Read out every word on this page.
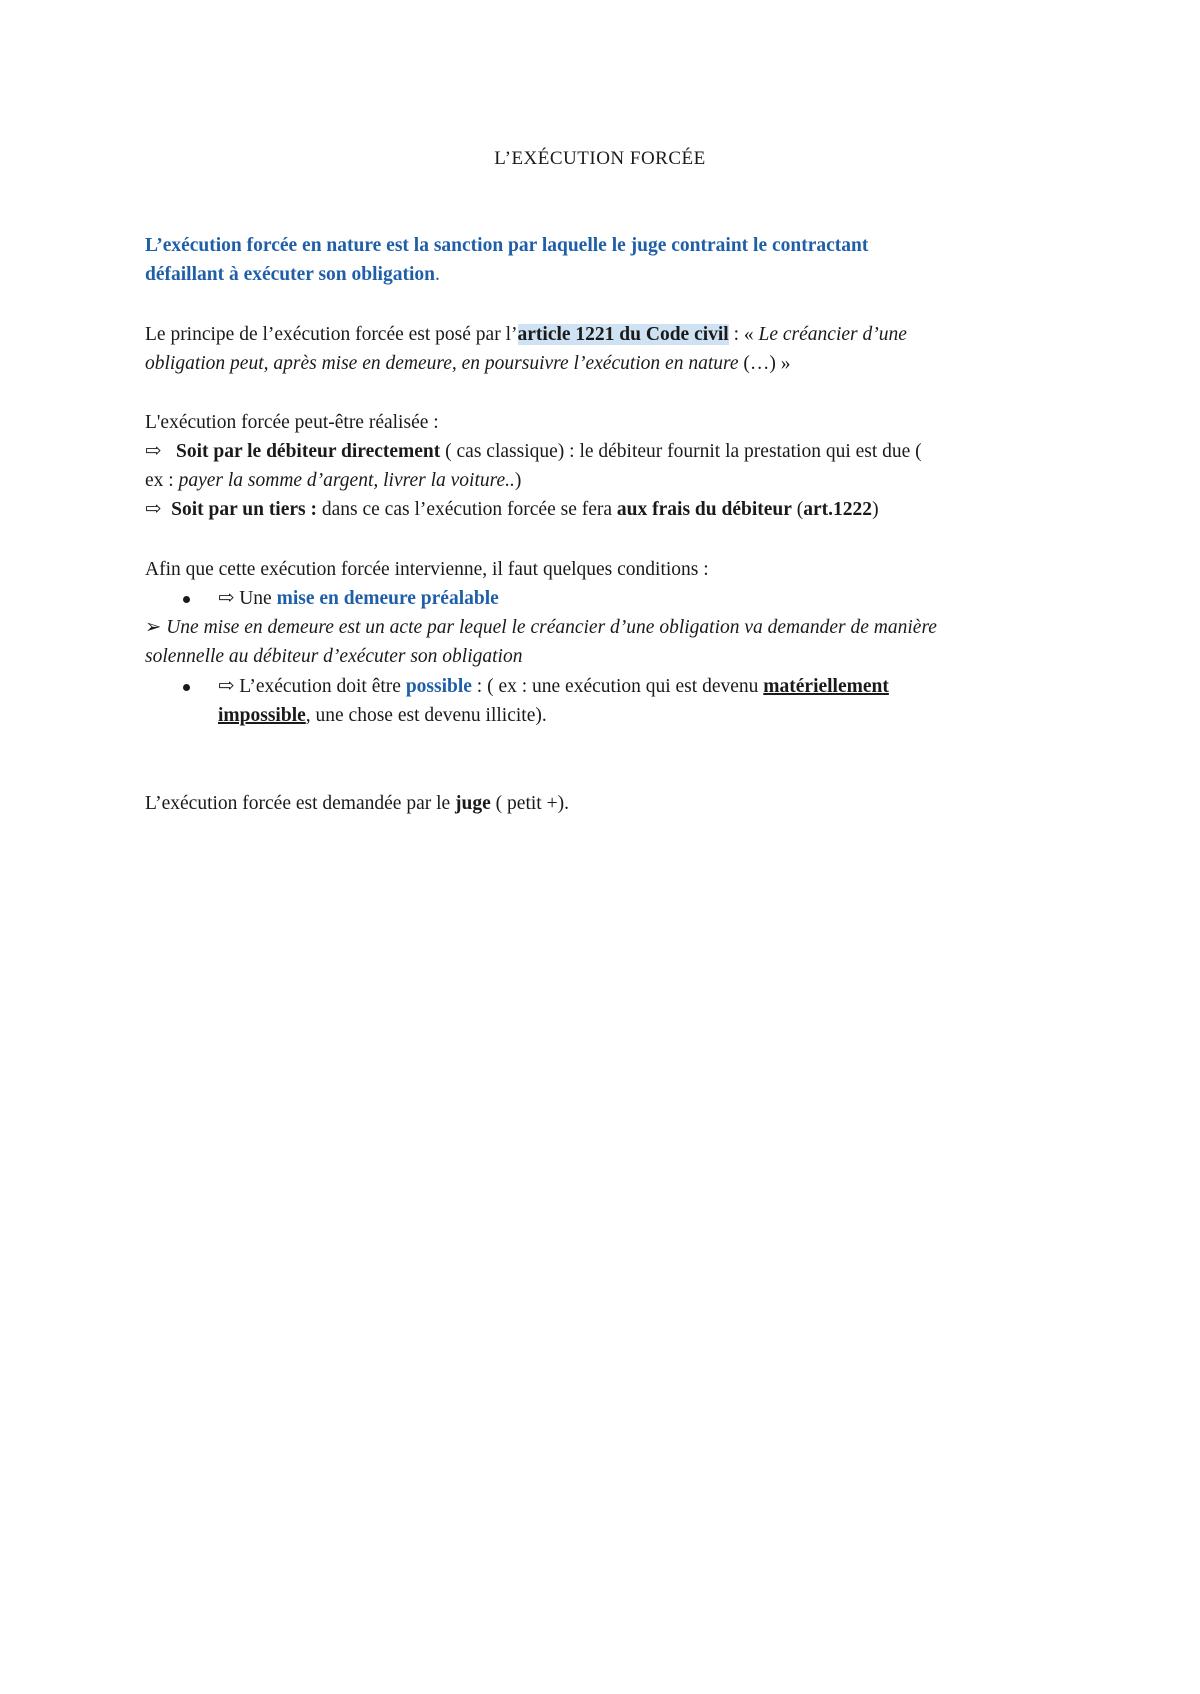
L’EXÉCUTION FORCÉE
L’exécution forcée en nature est la sanction par laquelle le juge contraint le contractant
défaillant à exécuter son obligation.
Le principe de l’exécution forcée est posé par l’article 1221 du Code civil : « Le créancier d’une
obligation peut, après mise en demeure, en poursuivre l’exécution en nature (…) »
L'exécution forcée peut-être réalisée :
⇨ Soit par le débiteur directement ( cas classique) : le débiteur fournit la prestation qui est due (
ex : payer la somme d’argent, livrer la voiture..)
⇨ Soit par un tiers : dans ce cas l’exécution forcée se fera aux frais du débiteur (art.1222)
Afin que cette exécution forcée intervienne, il faut quelques conditions :
⇨ Une mise en demeure préalable
➢ Une mise en demeure est un acte par lequel le créancier d’une obligation va demander de manière
solennelle au débiteur d’exécuter son obligation
⇨ L’exécution doit être possible : ( ex : une exécution qui est devenu matériellement
impossible, une chose est devenu illicite).
L’exécution forcée est demandée par le juge ( petit +).
